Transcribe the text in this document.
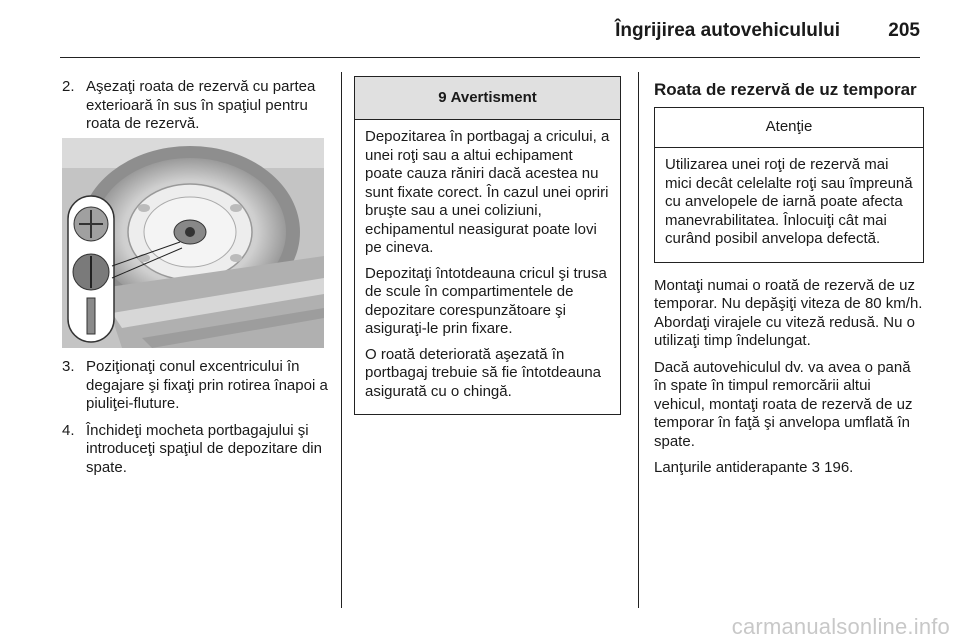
Îngrijirea autovehiculului	205
2. Aşezaţi roata de rezervă cu partea exterioară în sus în spaţiul pentru roata de rezervă.
3. Poziţionaţi conul excentricului în degajare şi fixaţi prin rotirea înapoi a piuliţei-fluture.
4. Închideţi mocheta portbagajului şi introduceţi spaţiul de depozitare din spate.
9 Avertisment

Depozitarea în portbagaj a cricului, a unei roţi sau a altui echipament poate cauza răniri dacă acestea nu sunt fixate corect. În cazul unei opriri bruşte sau a unei coliziuni, echipamentul neasigurat poate lovi pe cineva.

Depozitaţi întotdeauna cricul şi trusa de scule în compartimentele de depozitare corespunzătoare şi asiguraţi-le prin fixare.

O roată deteriorată aşezată în portbagaj trebuie să fie întotdeauna asigurată cu o chingă.

Roata de rezervă de uz temporar
Atenţie

Utilizarea unei roţi de rezervă mai mici decât celelalte roţi sau împreună cu anvelopele de iarnă poate afecta manevrabilitatea. Înlocuiţi cât mai curând posibil anvelopa defectă.

Montaţi numai o roată de rezervă de uz temporar. Nu depăşiţi viteza de 80 km/h. Abordaţi virajele cu viteză redusă. Nu o utilizaţi timp îndelungat.

Dacă autovehiculul dv. va avea o pană în spate în timpul remorcării altui vehicul, montaţi roata de rezervă de uz temporar în faţă şi anvelopa umflată în spate.

Lanţurile antiderapante 3 196.

carmanualsonline.info
